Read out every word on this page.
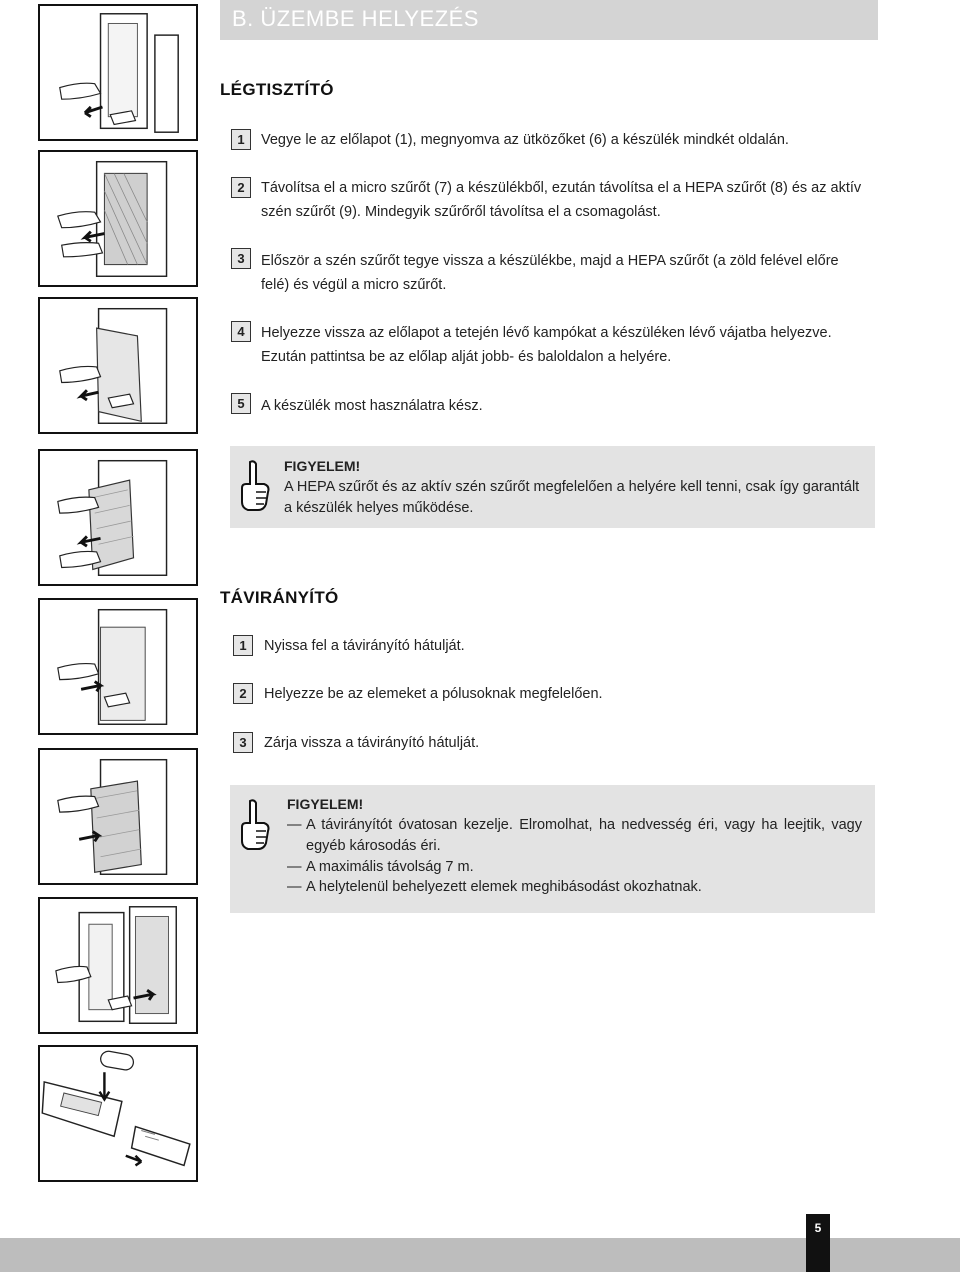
B. ÜZEMBE HELYEZÉS
LÉGTISZTÍTÓ
1	Vegye le az előlapot (1), megnyomva az ütközőket (6) a készülék mindkét oldalán.
2	Távolítsa el a micro szűrőt (7) a készülékből, ezután távolítsa el a HEPA szűrőt (8) és az aktív
szén szűrőt (9). Mindegyik szűrőről távolítsa el a csomagolást.
3	Először a szén szűrőt tegye vissza a készülékbe, majd a HEPA szűrőt (a zöld felével előre
felé) és végül a micro szűrőt.
4	Helyezze vissza az előlapot a tetején lévő kampókat a készüléken lévő vájatba helyezve.
Ezután pattintsa be az előlap alját jobb- és baloldalon a helyére.
5	A készülék most használatra kész.
FIGYELEM!
A HEPA szűrőt és az aktív szén szűrőt megfelelően a helyére kell tenni, csak így garantált
a készülék helyes működése.
TÁVIRÁNYÍTÓ
1	Nyissa fel a távirányító hátulját.
2	Helyezze be az elemeket a pólusoknak megfelelően.
3	Zárja vissza a távirányító hátulját.
FIGYELEM!
— A távirányítót óvatosan kezelje. Elromolhat, ha nedvesség éri, vagy ha leejtik, vagy
egyéb károsodás éri.
— A maximális távolság 7 m.
— A helytelenül behelyezett elemek meghibásodást okozhatnak.
5
